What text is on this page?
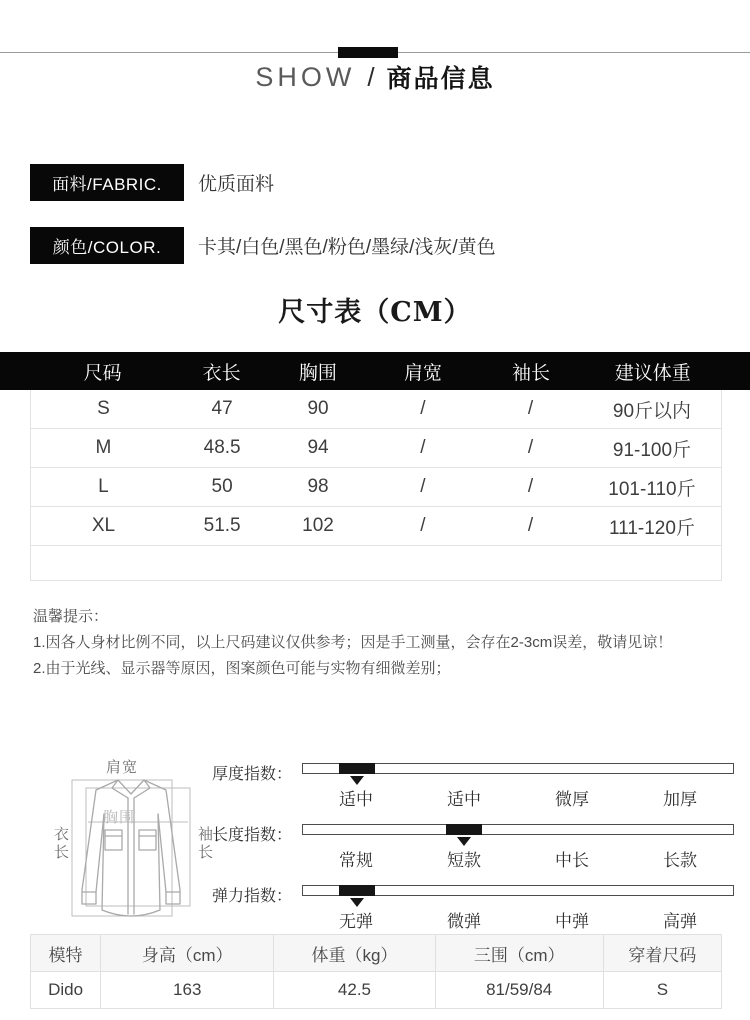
SHOW / 商品信息
面料/FABRIC.	优质面料
颜色/COLOR.	卡其/白色/黑色/粉色/墨绿/浅灰/黄色
尺寸表（CM）
尺码	衣长	胸围	肩宽	袖长	建议体重
S	47	90	/	/	90斤以内
M	48.5	94	/	/	91-100斤
L	50	98	/	/	101-110斤
XL	51.5	102	/	/	111-120斤
温馨提示：
1.因各人身材比例不同，以上尺码建议仅供参考；因是手工测量，会存在2-3cm误差，敬请见谅！
2.由于光线、显示器等原因，图案颜色可能与实物有细微差别；
肩宽
胸围
衣长	袖长
厚度指数：
适中	适中	微厚	加厚
长度指数：
常规	短款	中长	长款
弹力指数：
无弹	微弹	中弹	高弹
模特	身高（cm）	体重（kg）	三围（cm）	穿着尺码
Dido	163	42.5	81/59/84	S
